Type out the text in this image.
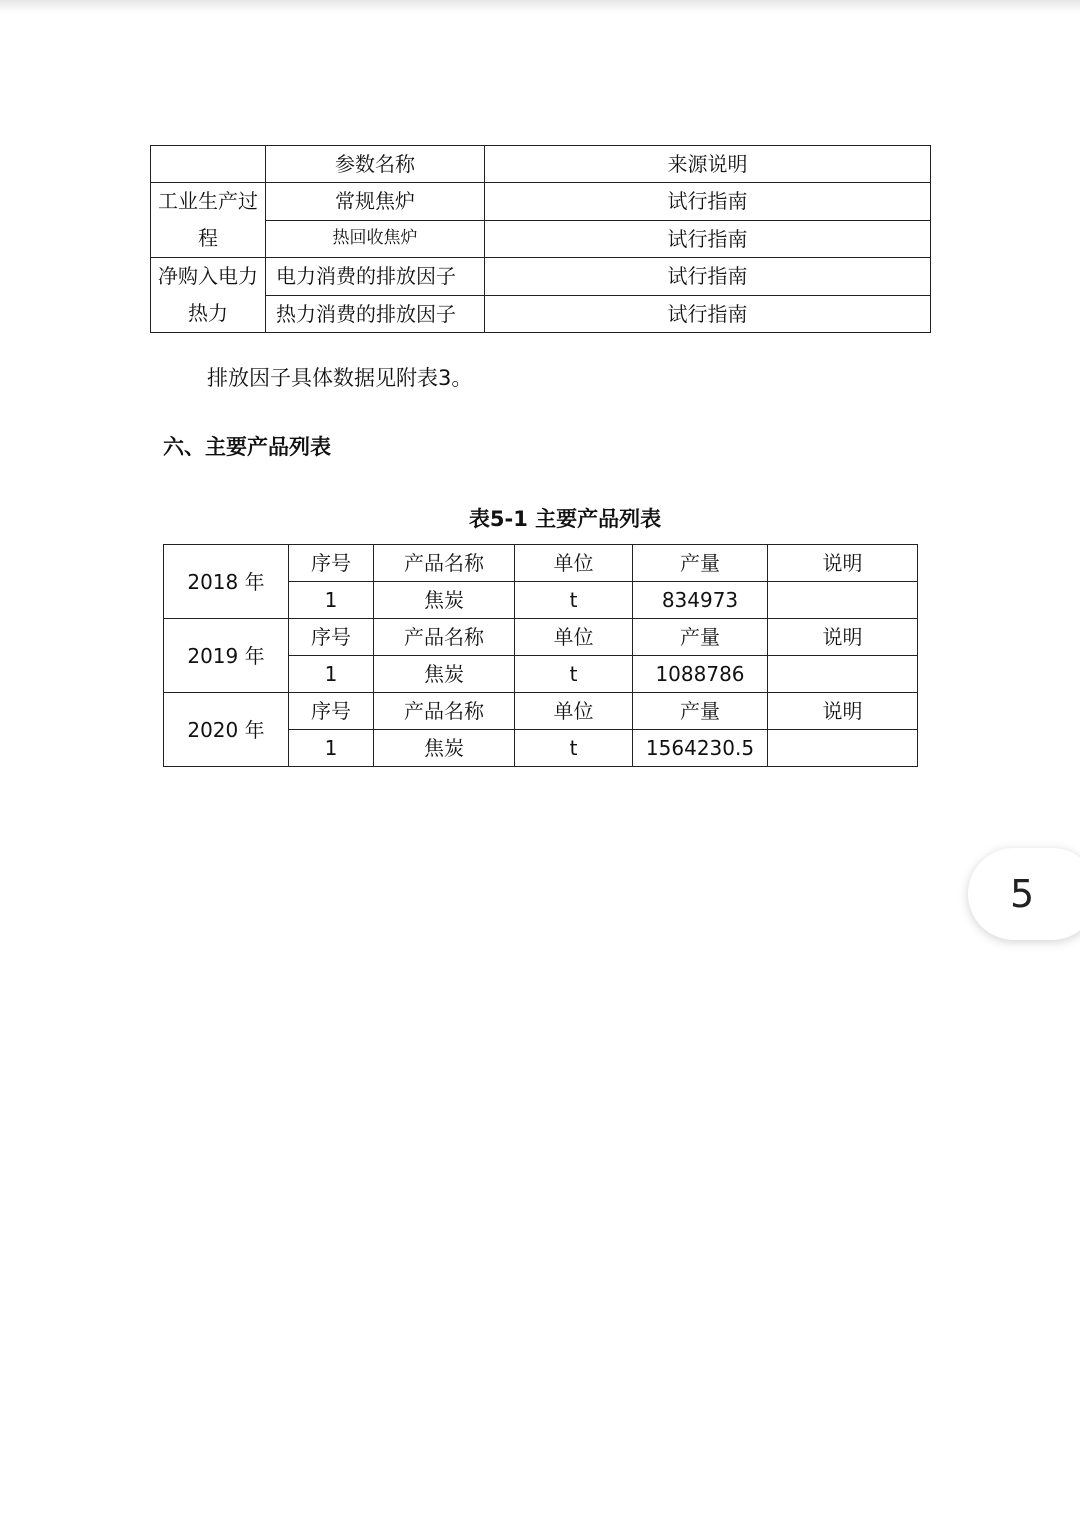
	参数名称	来源说明
工业生产过程	常规焦炉	试行指南
	热回收焦炉	试行指南
净购入电力热力	电力消费的排放因子	试行指南
	热力消费的排放因子	试行指南

排放因子具体数据见附表3。

六、主要产品列表

表5-1 主要产品列表

2018 年	序号	产品名称	单位	产量	说明
	1	焦炭	t	834973	
2019 年	序号	产品名称	单位	产量	说明
	1	焦炭	t	1088786	
2020 年	序号	产品名称	单位	产量	说明
	1	焦炭	t	1564230.5	
5
